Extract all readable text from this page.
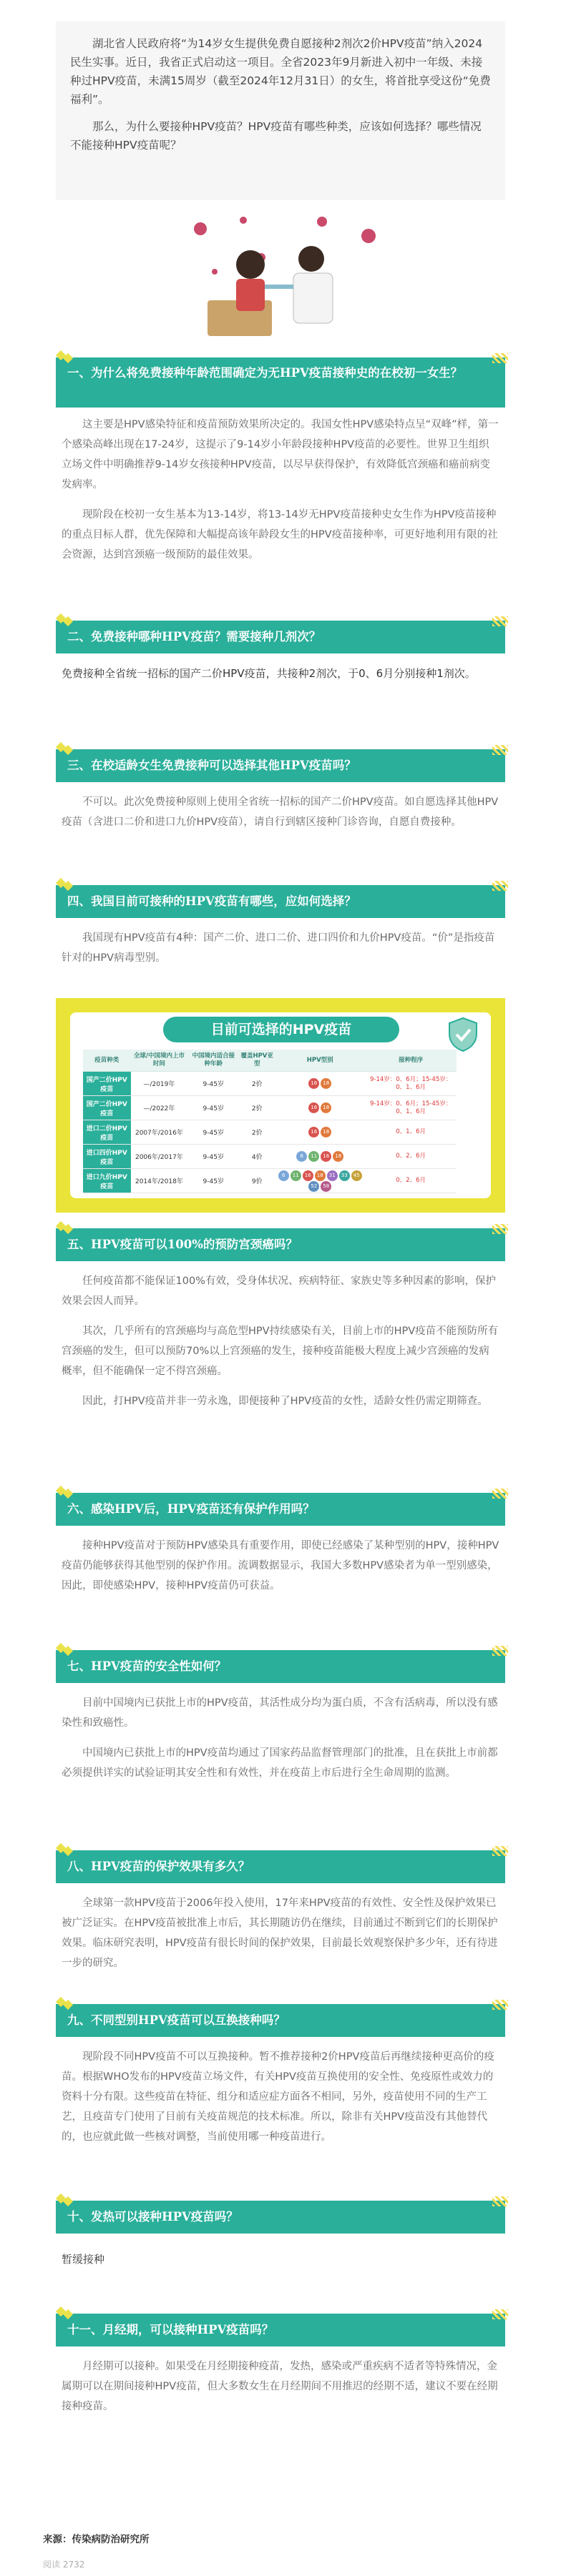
湖北省人民政府将“为14岁女生提供免费自愿接种2剂次2价HPV疫苗”纳入2024民生实事。近日，我省正式启动这一项目。全省2023年9月新进入初中一年级、未接种过HPV疫苗，未满15周岁（截至2024年12月31日）的女生，将首批享受这份“免费福利”。

那么，为什么要接种HPV疫苗？HPV疫苗有哪些种类，应该如何选择？哪些情况不能接种HPV疫苗呢？

一、为什么将免费接种年龄范围确定为无HPV疫苗接种史的在校初一女生？

这主要是HPV感染特征和疫苗预防效果所决定的。我国女性HPV感染特点呈“双峰”样，第一个感染高峰出现在17-24岁，这提示了9-14岁小年龄段接种HPV疫苗的必要性。世界卫生组织立场文件中明确推荐9-14岁女孩接种HPV疫苗，以尽早获得保护，有效降低宫颈癌和癌前病变发病率。

现阶段在校初一女生基本为13-14岁，将13-14岁无HPV疫苗接种史女生作为HPV疫苗接种的重点目标人群，优先保障和大幅提高该年龄段女生的HPV疫苗接种率，可更好地利用有限的社会资源，达到宫颈癌一级预防的最佳效果。

二、免费接种哪种HPV疫苗？需要接种几剂次？

免费接种全省统一招标的国产二价HPV疫苗，共接种2剂次，于0、6月分别接种1剂次。

三、在校适龄女生免费接种可以选择其他HPV疫苗吗？

不可以。此次免费接种原则上使用全省统一招标的国产二价HPV疫苗。如自愿选择其他HPV疫苗（含进口二价和进口九价HPV疫苗），请自行到辖区接种门诊咨询，自愿自费接种。

四、我国目前可接种的HPV疫苗有哪些，应如何选择？

我国现有HPV疫苗有4种：国产二价、进口二价、进口四价和九价HPV疫苗。“价”是指疫苗针对的HPV病毒型别。

目前可选择的HPV疫苗
疫苗种类	全球/中国境内上市时间	中国境内适合接种年龄	覆盖HPV亚型	HPV型别	接种程序
国产二价HPV疫苗	—/2019年	9-45岁	2价	16 18	9-14岁：0、6月；15-45岁：0、1、6月
国产二价HPV疫苗	—/2022年	9-45岁	2价	16 18	9-14岁：0、6月；15-45岁：0、1、6月
进口二价HPV疫苗	2007年/2016年	9-45岁	2价	16 18	0、1、6月
进口四价HPV疫苗	2006年/2017年	9-45岁	4价	6 11 16 18	0、2、6月
进口九价HPV疫苗	2014年/2018年	9-45岁	9价	6 11 16 18 31 33 4552 58	0、2、6月
五、HPV疫苗可以100%的预防宫颈癌吗？

任何疫苗都不能保证100%有效，受身体状况、疾病特征、家族史等多种因素的影响，保护效果会因人而异。

其次，几乎所有的宫颈癌均与高危型HPV持续感染有关，目前上市的HPV疫苗不能预防所有宫颈癌的发生，但可以预防70%以上宫颈癌的发生，接种疫苗能极大程度上减少宫颈癌的发病概率，但不能确保一定不得宫颈癌。

因此，打HPV疫苗并非一劳永逸，即便接种了HPV疫苗的女性，适龄女性仍需定期筛查。

六、感染HPV后，HPV疫苗还有保护作用吗？

接种HPV疫苗对于预防HPV感染具有重要作用，即使已经感染了某种型别的HPV，接种HPV疫苗仍能够获得其他型别的保护作用。流调数据显示，我国大多数HPV感染者为单一型别感染，因此，即使感染HPV，接种HPV疫苗仍可获益。

七、HPV疫苗的安全性如何？

目前中国境内已获批上市的HPV疫苗，其活性成分均为蛋白质，不含有活病毒，所以没有感染性和致癌性。

中国境内已获批上市的HPV疫苗均通过了国家药品监督管理部门的批准，且在获批上市前都必须提供详实的试验证明其安全性和有效性，并在疫苗上市后进行全生命周期的监测。

八、HPV疫苗的保护效果有多久？

全球第一款HPV疫苗于2006年投入使用，17年来HPV疫苗的有效性、安全性及保护效果已被广泛证实。在HPV疫苗被批准上市后，其长期随访仍在继续，目前通过不断到它们的长期保护效果。临床研究表明，HPV疫苗有很长时间的保护效果，目前最长效观察保护多少年，还有待进一步的研究。

九、不同型别HPV疫苗可以互换接种吗？

现阶段不同HPV疫苗不可以互换接种。暂不推荐接种2价HPV疫苗后再继续接种更高价的疫苗。根据WHO发布的HPV疫苗立场文件，有关HPV疫苗互换使用的安全性、免疫原性或效力的资料十分有限。这些疫苗在特征、组分和适应症方面各不相同，另外，疫苗使用不同的生产工艺，且疫苗专门使用了目前有关疫苗规范的技术标准。所以，除非有关HPV疫苗没有其他替代的，也应就此做一些核对调整，当前使用哪一种疫苗进行。

十、发热可以接种HPV疫苗吗？

暂缓接种

十一、月经期，可以接种HPV疫苗吗？

月经期可以接种。如果受在月经期接种疫苗，发热，感染或严重疾病不适者等特殊情况，金属期可以在期间接种HPV疫苗，但大多数女生在月经期间不用推迟的经期不适，建议不要在经期接种疫苗。

来源：传染病防治研究所
阅读 2732
